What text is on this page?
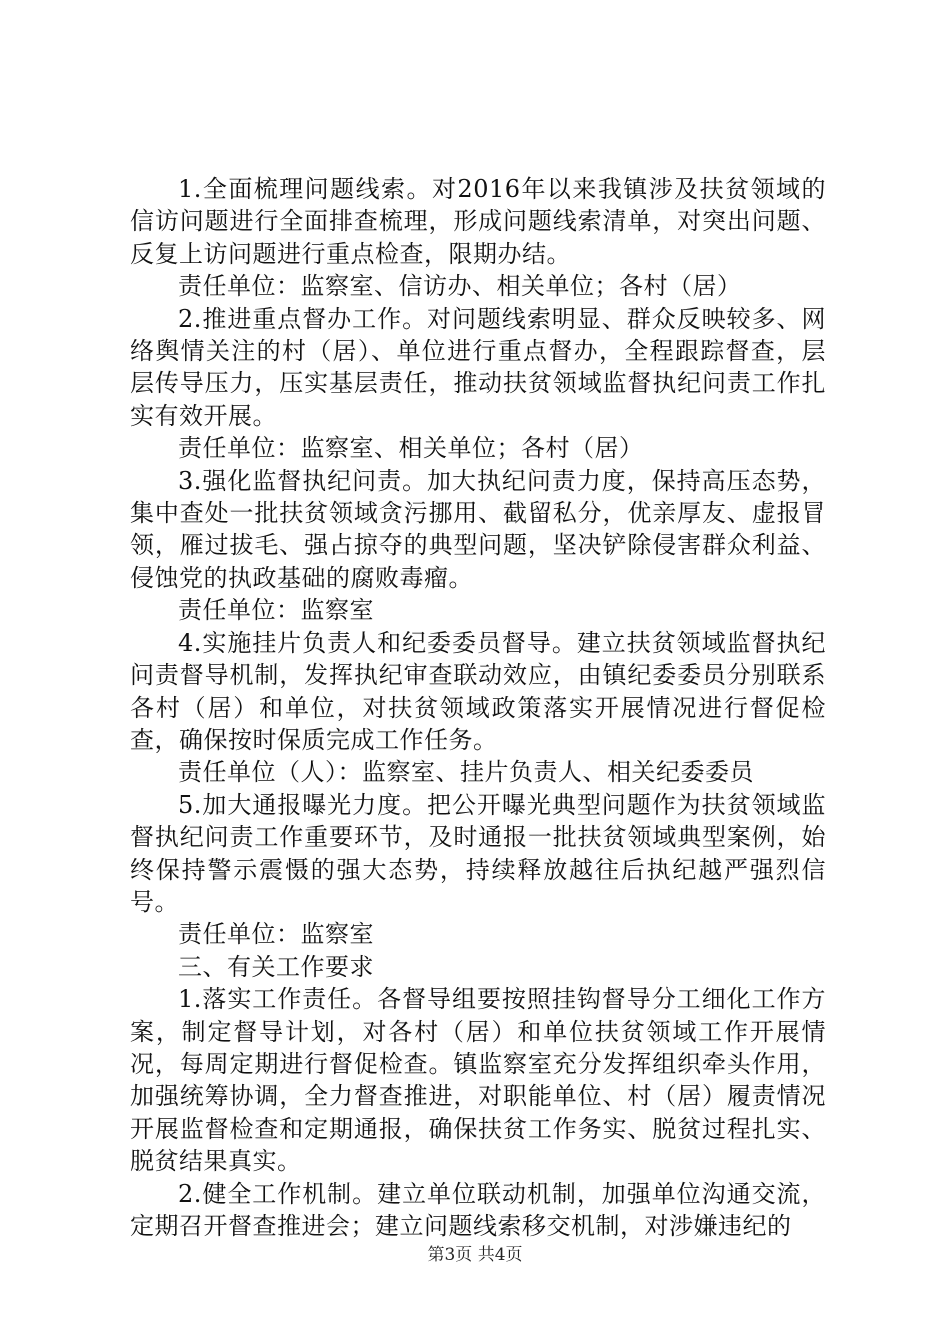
1.全面梳理问题线索。对2016年以来我镇涉及扶贫领域的信访问题进行全面排查梳理，形成问题线索清单，对突出问题、反复上访问题进行重点检查，限期办结。

责任单位：监察室、信访办、相关单位；各村（居）

2.推进重点督办工作。对问题线索明显、群众反映较多、网络舆情关注的村（居）、单位进行重点督办，全程跟踪督查，层层传导压力，压实基层责任，推动扶贫领域监督执纪问责工作扎实有效开展。

责任单位：监察室、相关单位；各村（居）

3.强化监督执纪问责。加大执纪问责力度，保持高压态势，集中查处一批扶贫领域贪污挪用、截留私分，优亲厚友、虚报冒领，雁过拔毛、强占掠夺的典型问题，坚决铲除侵害群众利益、侵蚀党的执政基础的腐败毒瘤。

责任单位：监察室

4.实施挂片负责人和纪委委员督导。建立扶贫领域监督执纪问责督导机制，发挥执纪审查联动效应，由镇纪委委员分别联系各村（居）和单位，对扶贫领域政策落实开展情况进行督促检查，确保按时保质完成工作任务。

责任单位（人）：监察室、挂片负责人、相关纪委委员

5.加大通报曝光力度。把公开曝光典型问题作为扶贫领域监督执纪问责工作重要环节，及时通报一批扶贫领域典型案例，始终保持警示震慑的强大态势，持续释放越往后执纪越严强烈信号。

责任单位：监察室

三、有关工作要求

1.落实工作责任。各督导组要按照挂钩督导分工细化工作方案，制定督导计划，对各村（居）和单位扶贫领域工作开展情况，每周定期进行督促检查。镇监察室充分发挥组织牵头作用，加强统筹协调，全力督查推进，对职能单位、村（居）履责情况开展监督检查和定期通报，确保扶贫工作务实、脱贫过程扎实、脱贫结果真实。

2.健全工作机制。建立单位联动机制，加强单位沟通交流，定期召开督查推进会；建立问题线索移交机制，对涉嫌违纪的

第3页 共4页
